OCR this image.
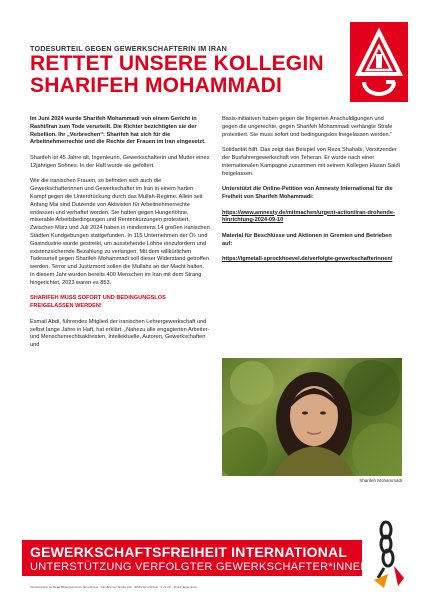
TODESURTEIL GEGEN GEWERKSCHAFTERIN IM IRAN
RETTET UNSERE KOLLEGIN
SHARIFEH MOHAMMADI

Im Juni 2024 wurde Sharifeh Mohammadi von einem Gericht in Rasht/Iran zum Tode verurteilt. Die Richter bezichtigten sie der Rebellion. Ihr „Verbrechen“: Sharifeh hat sich für die Arbeitnehmerrechte und die Rechte der Frauen im Iran eingesetzt.

Sharifeh ist 45 Jahre alt, Ingenieurin, Gewerkschafterin und Mutter eines 12jährigen Sohnes. In der Haft wurde sie gefoltert.

Wie die iranischen Frauen, so befinden sich auch die Gewerkschafterinnen und Gewerkschafter im Iran in einem harten Kampf gegen die Unterdrückung durch das Mullah-Regime. Allein seit Anfang Mai sind Dutzende von Aktivisten für Arbeitnehmerrechte entlassen und verhaftet worden. Sie hatten gegen Hungerlöhne, miserable Arbeitsbedingungen und Rentenkürzungen protestiert. Zwischen März und Juli 2024 haben in mindestens 14 großen iranischen Städten Kundgebungen stattgefunden. In 115 Unternehmen der Öl- und Gasindustrie wurde gestreikt, um ausstehende Löhne einzufordern und existenzsichernde Bezahlung zu verlangen. Mit dem willkürlichen Todesurteil gegen Sharifeh Mohammadi soll dieser Widerstand getroffen werden. Terror und Justizmord sollen die Mullahs an der Macht halten. In diesem Jahr wurden bereits 400 Menschen im Iran mit dem Strang hingerichtet, 2023 waren es 853.

SHARIFEH MUSS SOFORT UND BEDINGUNGSLOS FREIGELASSEN WERDEN!

Esmail Abdi, führendes Mitglied der iranischen Lehrergewerkschaft und selbst lange Jahre in Haft, hat erklärt: „Nahezu alle engagierten Arbeiter- und Menschenrechtsaktivisten, Intellektuelle, Autoren, Gewerkschaften und

Basis-initiativen haben gegen die fingierten Anschuldigungen und gegen die ungerechte, gegen Sharifeh Mohammadi verhängte Strafe protestiert. Sie muss sofort und bedingungslos freigelassen werden.“

Solidarität hilft. Das zeigt das Beispiel von Reza Shahabi, Vorsitzender der Busfahrergewerkschaft von Teheran. Er wurde nach einer internationalen Kampagne zusammen mit seinem Kollegen Hasan Saidi freigelassen.

Unterstützt die Online-Petition von Amnesty International für die Freiheit von Sharifeh Mohammadi:

https://www.amnesty.de/mitmachen/urgent-action/iran-drohende-hinrichtung-2024-09-10

Material für Beschlüsse und Aktionen in Gremien und Betrieben auf:

https://igmetall-sprockhoevel.de/verfolgte-gewerkschafterinnen/

Sharifeh Mohammadi
GEWERKSCHAFTSFREIHEIT INTERNATIONAL
UNTERSTÜTZUNG VERFOLGTER GEWERKSCHAFTER*INNEN
Verantwortlich: IG Metall Bildungszentrum Sprockhövel · Otto-Brenner-Straße 100 · 45549 Sprockhövel · V.i.S.d.P. · Druck: Eigendruck
